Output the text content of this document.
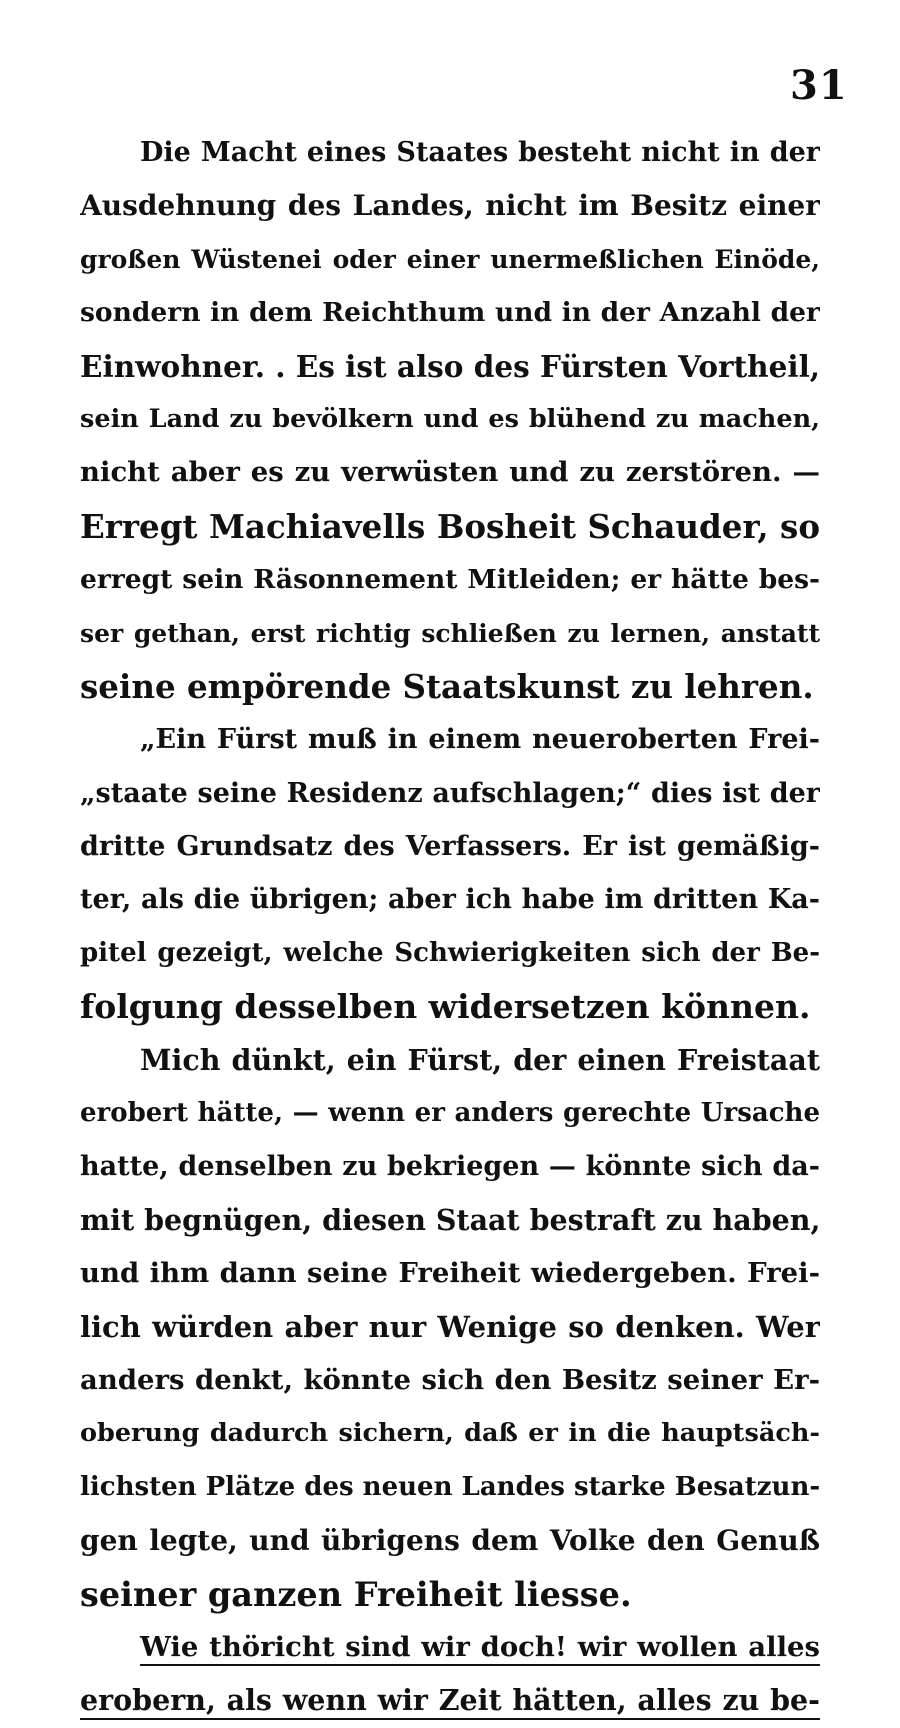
31
Die Macht eines Staates besteht nicht in der
Ausdehnung des Landes, nicht im Besitz einer
großen Wüstenei oder einer unermeßlichen Einöde,
sondern in dem Reichthum und in der Anzahl der
Einwohner. . Es ist also des Fürsten Vortheil,
sein Land zu bevölkern und es blühend zu machen,
nicht aber es zu verwüsten und zu zerstören. —
Erregt Machiavells Bosheit Schauder, so
erregt sein Räsonnement Mitleiden; er hätte bes-
ser gethan, erst richtig schließen zu lernen, anstatt
seine empörende Staatskunst zu lehren.
„Ein Fürst muß in einem neueroberten Frei-
„staate seine Residenz aufschlagen;“ dies ist der
dritte Grundsatz des Verfassers. Er ist gemäßig-
ter, als die übrigen; aber ich habe im dritten Ka-
pitel gezeigt, welche Schwierigkeiten sich der Be-
folgung desselben widersetzen können.
Mich dünkt, ein Fürst, der einen Freistaat
erobert hätte, — wenn er anders gerechte Ursache
hatte, denselben zu bekriegen — könnte sich da-
mit begnügen, diesen Staat bestraft zu haben,
und ihm dann seine Freiheit wiedergeben. Frei-
lich würden aber nur Wenige so denken. Wer
anders denkt, könnte sich den Besitz seiner Er-
oberung dadurch sichern, daß er in die hauptsäch-
lichsten Plätze des neuen Landes starke Besatzun-
gen legte, und übrigens dem Volke den Genuß
seiner ganzen Freiheit liesse.
Wie thöricht sind wir doch! wir wollen alles
erobern, als wenn wir Zeit hätten, alles zu be-
